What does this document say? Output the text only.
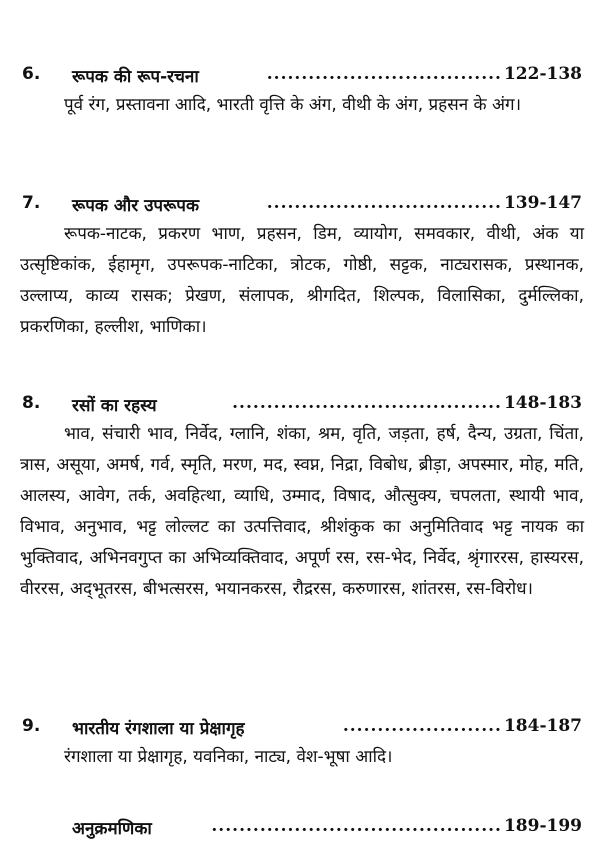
6. रूपक की रूप-रचना	.................................. 122-138
पूर्व रंग, प्रस्तावना आदि, भारती वृत्ति के अंग, वीथी के अंग, प्रहसन के अंग।
7. रूपक और उपरूपक	.................................. 139-147
रूपक-नाटक, प्रकरण भाण, प्रहसन, डिम, व्यायोग, समवकार, वीथी, अंक या उत्सृष्टिकांक, ईहामृग, उपरूपक-नाटिका, त्रोटक, गोष्ठी, सट्टक, नाट्यरासक, प्रस्थानक, उल्लाप्य, काव्य रासक; प्रेखण, संलापक, श्रीगदित, शिल्पक, विलासिका, दुर्मल्लिका, प्रकरणिका, हल्लीश, भाणिका।
8. रसों का रहस्य	....................................... 148-183
भाव, संचारी भाव, निर्वेद, ग्लानि, शंका, श्रम, वृति, जड़ता, हर्ष, दैन्य, उग्रता, चिंता, त्रास, असूया, अमर्ष, गर्व, स्मृति, मरण, मद, स्वप्न, निद्रा, विबोध, ब्रीड़ा, अपस्मार, मोह, मति, आलस्य, आवेग, तर्क, अवहित्था, व्याधि, उम्माद, विषाद, औत्सुक्य, चपलता, स्थायी भाव, विभाव, अनुभाव, भट्ट लोल्लट का उत्पत्तिवाद, श्रीशंकुक का अनुमितिवाद भट्ट नायक का भुक्तिवाद, अभिनवगुप्त का अभिव्यक्तिवाद, अपूर्ण रस, रस-भेद, निर्वेद, श्रृंगाररस, हास्यरस, वीररस, अद्‌भूतरस, बीभत्सरस, भयानकरस, रौद्ररस, करुणारस, शांतरस, रस-विरोध।
9. भारतीय रंगशाला या प्रेक्षागृह	....................... 184-187
रंगशाला या प्रेक्षागृह, यवनिका, नाट्य, वेश-भूषा आदि।
अनुक्रमणिका	.......................................... 189-199
